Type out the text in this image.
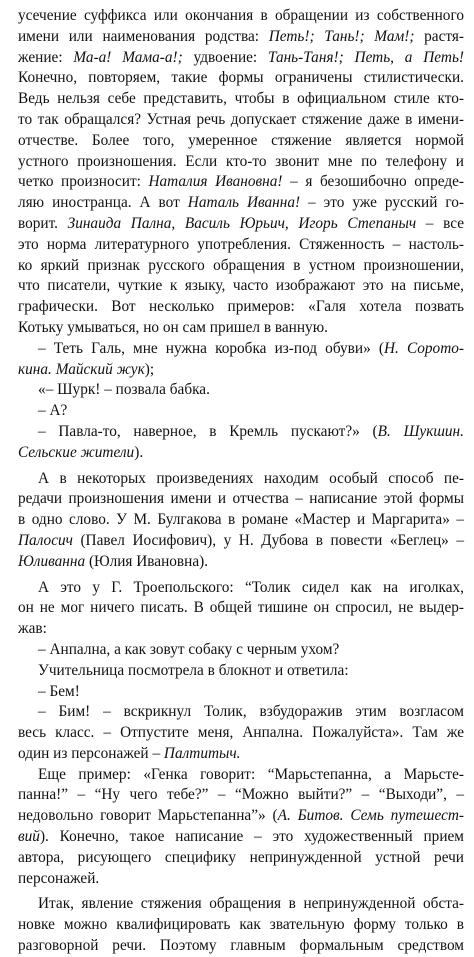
усечение суффикса или окончания в обращении из собственного
имени или наименования родства: Петь!; Тань!; Мам!; растя-
жение: Ма-а! Мама-а!; удвоение: Тань-Таня!; Петь, а Петь!
Конечно, повторяем, такие формы ограничены стилистически.
Ведь нельзя себе представить, чтобы в официальном стиле кто-
то так обращался? Устная речь допускает стяжение даже в имени-
отчестве. Более того, умеренное стяжение является нормой
устного произношения. Если кто-то звонит мне по телефону и
четко произносит: Наталия Ивановна! – я безошибочно опреде-
ляю иностранца. А вот Наталь Иванна! – это уже русский го-
ворит. Зинаида Пална, Василь Юрьич, Игорь Степаныч – все
это норма литературного употребления. Стяженность – настоль-
ко яркий признак русского обращения в устном произношении,
что писатели, чуткие к языку, часто изображают это на письме,
графически. Вот несколько примеров: «Галя хотела позвать
Котьку умываться, но он сам пришел в ванную.
– Теть Галь, мне нужна коробка из-под обуви» (Н. Сорото-
кина. Майский жук);
«– Шурк! – позвала бабка.
– А?
– Павла-то, наверное, в Кремль пускают?» (В. Шукшин.
Сельские жители).
А в некоторых произведениях находим особый способ пе-
редачи произношения имени и отчества – написание этой формы
в одно слово. У М. Булгакова в романе «Мастер и Маргарита» –
Палосич (Павел Иосифович), у Н. Дубова в повести «Беглец» –
Юливанна (Юлия Ивановна).
А это у Г. Троепольского: “Толик сидел как на иголках,
он не мог ничего писать. В общей тишине он спросил, не выдер-
жав:
– Анпална, а как зовут собаку с черным ухом?
Учительница посмотрела в блокнот и ответила:
– Бем!
– Бим! – вскрикнул Толик, взбудоражив этим возгласом
весь класс. – Отпустите меня, Анпална. Пожалуйста». Там же
один из персонажей – Палтитыч.
Еще пример: «Генка говорит: “Марьстепанна, а Марьсте-
панна!” – “Ну чего тебе?” – “Можно выйти?” – “Выходи”, –
недовольно говорит Марьстепанна”» (А. Битов. Семь путешест-
вий). Конечно, такое написание – это художественный прием
автора, рисующего специфику непринужденной устной речи
персонажей.
Итак, явление стяжения обращения в непринужденной обста-
новке можно квалифицировать как звательную форму только в
разговорной речи. Поэтому главным формальным средством
